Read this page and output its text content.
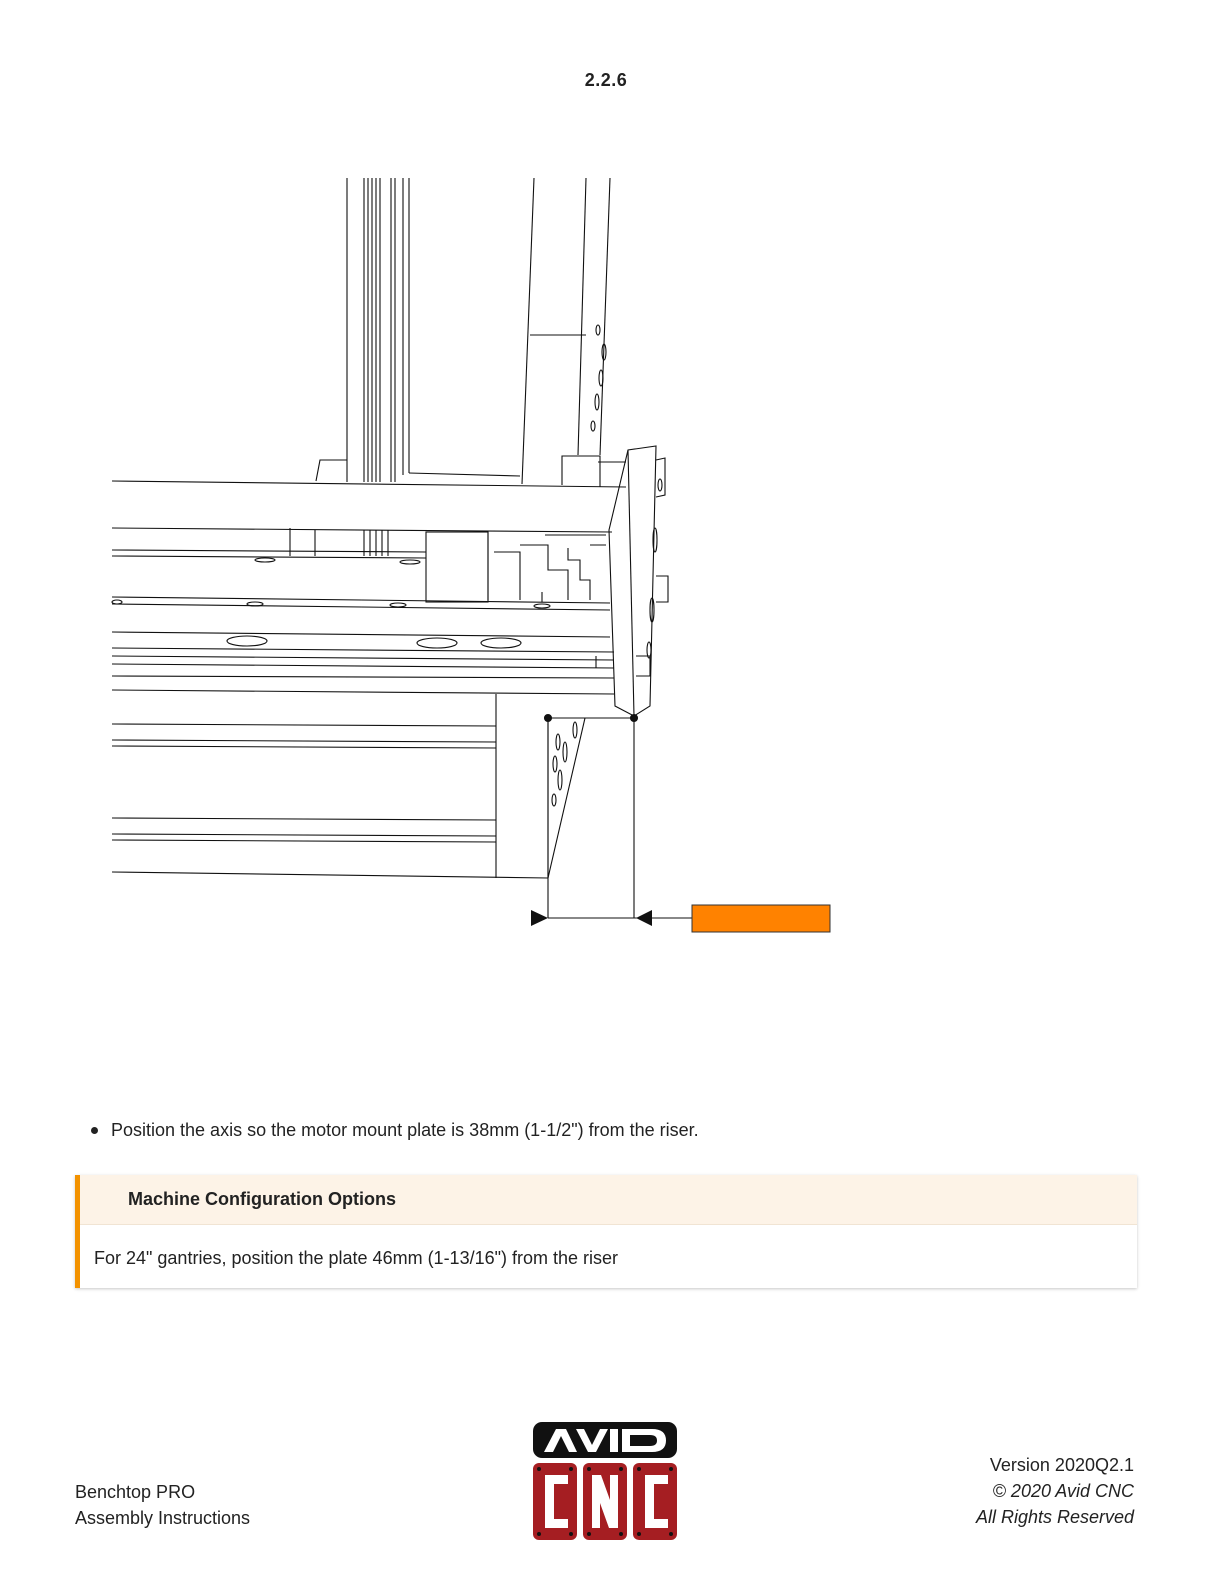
2.2.6
Position the axis so the motor mount plate is 38mm (1-1/2") from the riser.
Machine Configuration Options
For 24" gantries, position the plate 46mm (1-13/16") from the riser
Benchtop PRO
Assembly Instructions
Version 2020Q2.1
© 2020 Avid CNC
All Rights Reserved
